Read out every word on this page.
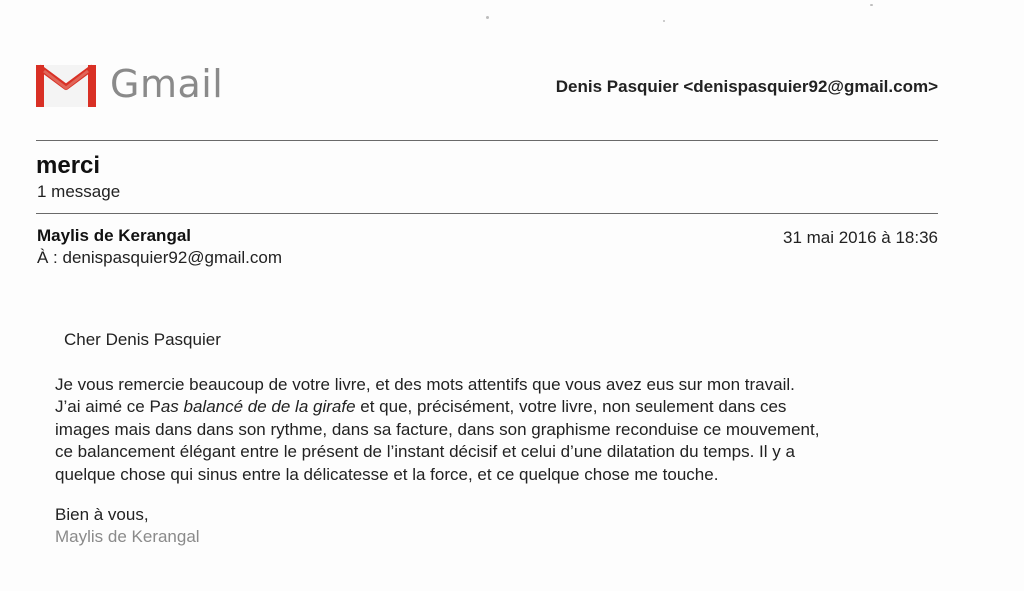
Gmail	Denis Pasquier <denispasquier92@gmail.com>
merci
1 message
Maylis de Kerangal	31 mai 2016 à 18:36
À : denispasquier92@gmail.com
Cher Denis Pasquier

Je vous remercie beaucoup de votre livre, et des mots attentifs que vous avez eus sur mon travail.

J’ai aimé ce Pas balancé de de la girafe et que, précisément, votre livre, non seulement dans ces

images mais dans dans son rythme, dans sa facture, dans son graphisme reconduise ce mouvement,

ce balancement élégant entre le présent de l’instant décisif et celui d’une dilatation du temps. Il y a

quelque chose qui sinus entre la délicatesse et la force, et ce quelque chose me touche.

Bien à vous,
Maylis de Kerangal
